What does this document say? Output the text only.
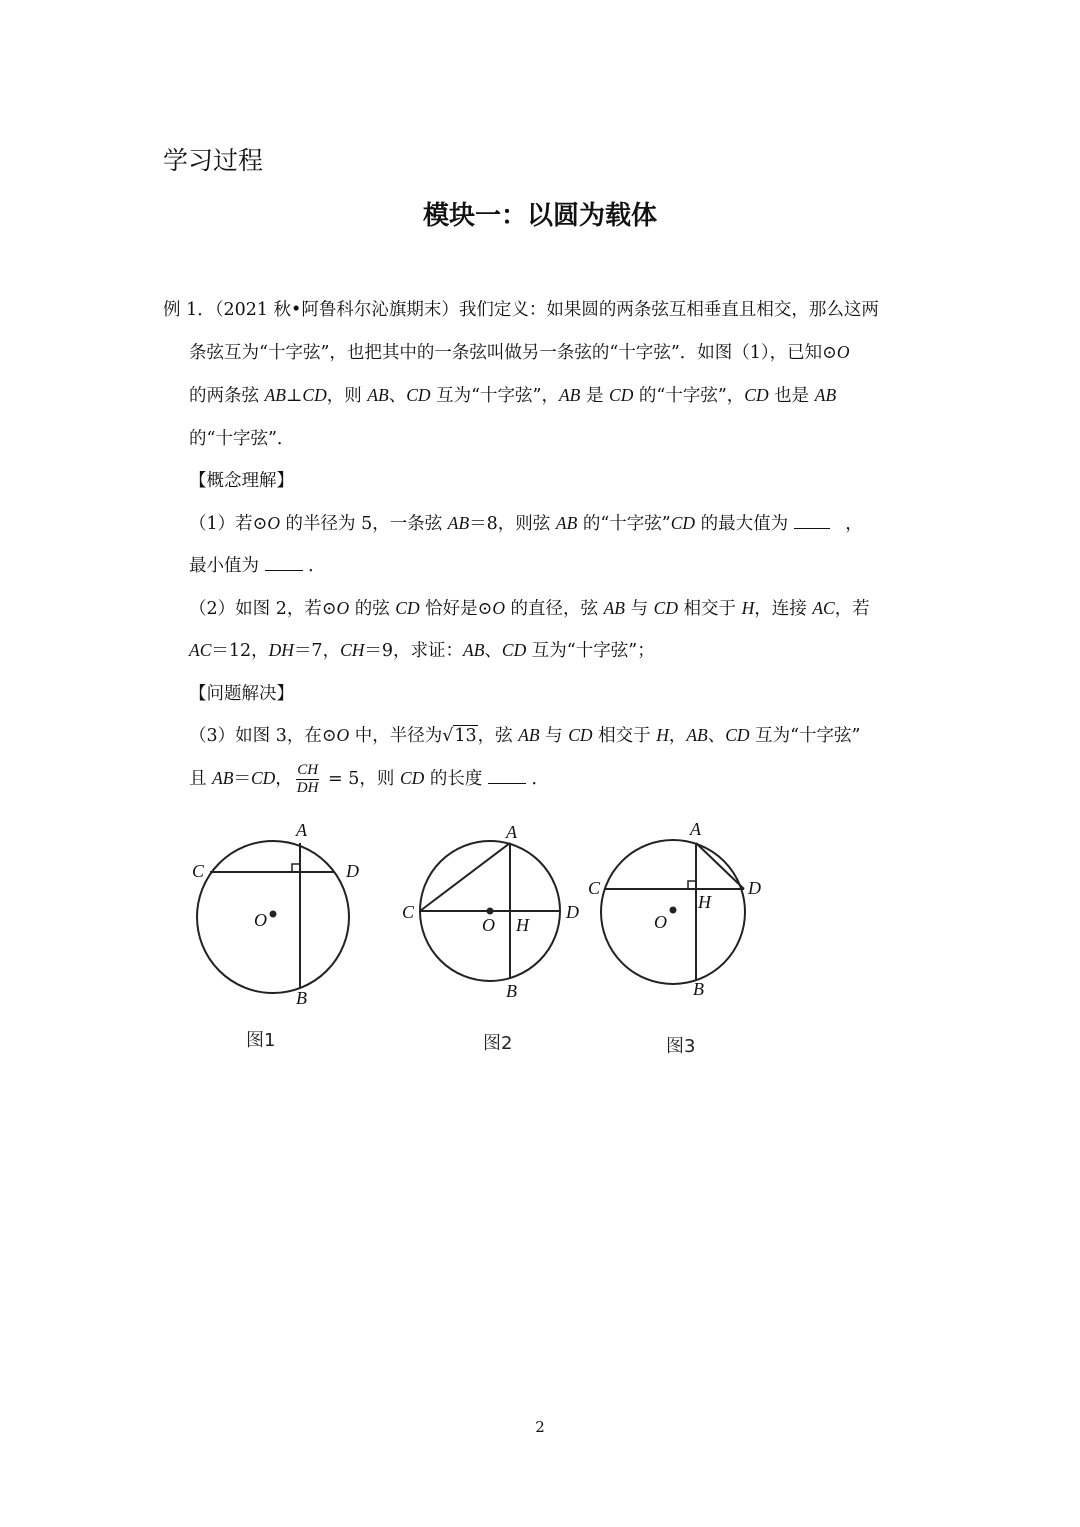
学习过程
模块一：以圆为载体
例 1．（2021 秋•阿鲁科尔沁旗期末）我们定义：如果圆的两条弦互相垂直且相交，那么这两
条弦互为“十字弦”，也把其中的一条弦叫做另一条弦的“十字弦”．如图（1），已知⊙O
的两条弦 AB⊥CD，则 AB、CD 互为“十字弦”，AB 是 CD 的“十字弦”，CD 也是 AB
的“十字弦”．
【概念理解】
（1）若⊙O 的半径为 5，一条弦 AB＝8，则弦 AB 的“十字弦”CD 的最大值为	，
最小值为	．
（2）如图 2，若⊙O 的弦 CD 恰好是⊙O 的直径，弦 AB 与 CD 相交于 H，连接 AC，若
AC＝12，DH＝7，CH＝9，求证：AB、CD 互为“十字弦”；
【问题解决】
（3）如图 3，在⊙O 中，半径为√13，弦 AB 与 CD 相交于 H，AB、CD 互为“十字弦”
且 AB＝CD， $\frac{CH}{DH} = 5$，则 CD 的长度	．
C	D
A
B
O
图1
C	D
A
B
O H
图2
C	D
A
B
O
H
图3
2
